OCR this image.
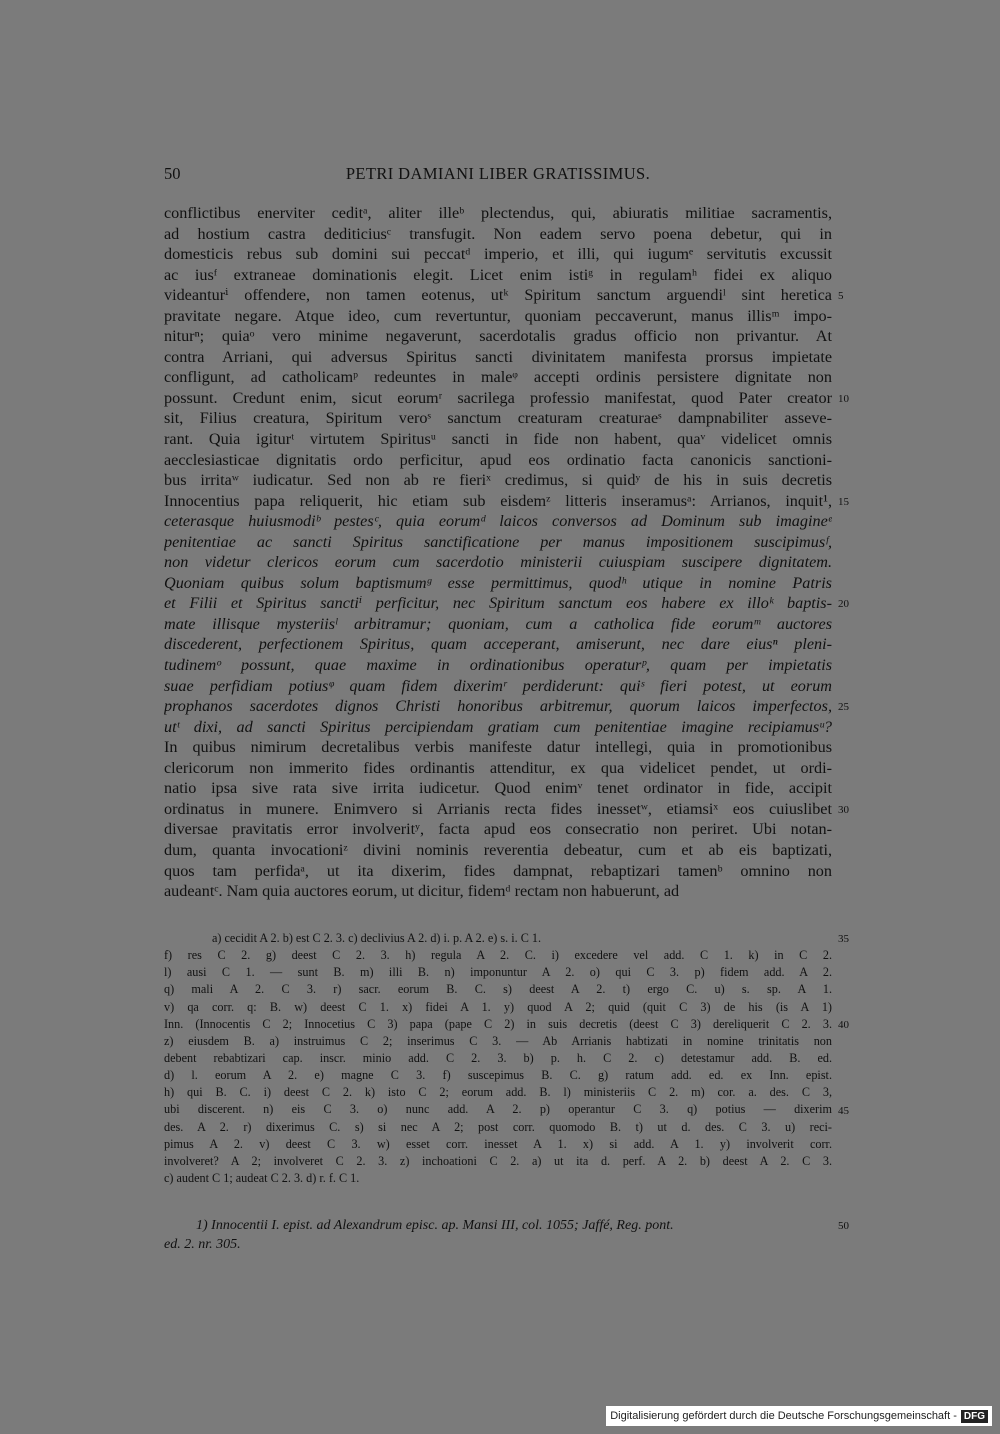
50	PETRI DAMIANI LIBER GRATISSIMUS.
conflictibus enerviter ceditᵃ, aliter illeᵇ plectendus, qui, abiuratis militiae sacramentis,
ad hostium castra dediticiusᶜ transfugit. Non eadem servo poena debetur, qui in
domesticis rebus sub domini sui peccatᵈ imperio, et illi, qui iugumᵉ servitutis excussit
ac iusᶠ extraneae dominationis elegit. Licet enim istiᵍ in regulamʰ fidei ex aliquo
videanturⁱ offendere, non tamen eotenus, utᵏ Spiritum sanctum arguendiˡ sint heretica
pravitate negare. Atque ideo, cum revertuntur, quoniam peccaverunt, manus illisᵐ impo-
niturⁿ; quiaᵒ vero minime negaverunt, sacerdotalis gradus officio non privantur. At
contra Arriani, qui adversus Spiritus sancti divinitatem manifesta prorsus impietate
confligunt, ad catholicamᵖ redeuntes in maleᵠ accepti ordinis persistere dignitate non
possunt. Credunt enim, sicut eorumʳ sacrilega professio manifestat, quod Pater creator
sit, Filius creatura, Spiritum veroˢ sanctum creaturam creaturaeˢ dampnabiliter asseve-
rant. Quia igiturᵗ virtutem Spiritusᵘ sancti in fide non habent, quaᵛ videlicet omnis
aecclesiasticae dignitatis ordo perficitur, apud eos ordinatio facta canonicis sanctioni-
bus irritaʷ iudicatur. Sed non ab re fieriˣ credimus, si quidʸ de his in suis decretis
Innocentius papa reliquerit, hic etiam sub eisdemᶻ litteris inseramusᵃ: Arrianos, inquit¹,
ceterasque huiusmodiᵇ pestesᶜ, quia eorumᵈ laicos conversos ad Dominum sub imagineᵉ
penitentiae ac sancti Spiritus sanctificatione per manus impositionem suscipimusᶠ,
non videtur clericos eorum cum sacerdotio ministerii cuiuspiam suscipere dignitatem.
Quoniam quibus solum baptismumᵍ esse permittimus, quodʰ utique in nomine Patris
et Filii et Spiritus sanctiⁱ perficitur, nec Spiritum sanctum eos habere ex illoᵏ baptis-
mate illisque mysteriisˡ arbitramur; quoniam, cum a catholica fide eorumᵐ auctores
discederent, perfectionem Spiritus, quam acceperant, amiserunt, nec dare eiusⁿ pleni-
tudinemᵒ possunt, quae maxime in ordinationibus operaturᵖ, quam per impietatis
suae perfidiam potiusᵠ quam fidem dixerimʳ perdiderunt: quiˢ fieri potest, ut eorum
prophanos sacerdotes dignos Christi honoribus arbitremur, quorum laicos imperfectos,
utᵗ dixi, ad sancti Spiritus percipiendam gratiam cum penitentiae imagine recipiamusᵘ?
In quibus nimirum decretalibus verbis manifeste datur intellegi, quia in promotionibus
clericorum non immerito fides ordinantis attenditur, ex qua videlicet pendet, ut ordi-
natio ipsa sive rata sive irrita iudicetur. Quod enimᵛ tenet ordinator in fide, accipit
ordinatus in munere. Enimvero si Arrianis recta fides inessetʷ, etiamsiˣ eos cuiuslibet
diversae pravitatis error involveritʸ, facta apud eos consecratio non periret. Ubi notan-
dum, quanta invocationiᶻ divini nominis reverentia debeatur, cum et ab eis baptizati,
quos tam perfidaᵃ, ut ita dixerim, fides dampnat, rebaptizari tamenᵇ omnino non
audeantᶜ. Nam quia auctores eorum, ut dicitur, fidemᵈ rectam non habuerunt, ad
5
10
15
20
25
30
a) cecidit A 2. b) est C 2. 3. c) declivius A 2. d) i. p. A 2. e) s. i. C 1.
f) res C 2. g) deest C 2. 3. h) regula A 2. C. i) excedere vel add. C 1. k) in C 2.
l) ausi C 1. — sunt B. m) illi B. n) imponuntur A 2. o) qui C 3. p) fidem add. A 2.
q) mali A 2. C 3. r) sacr. eorum B. C. s) deest A 2. t) ergo C. u) s. sp. A 1.
v) qa corr. q: B. w) deest C 1. x) fidei A 1. y) quod A 2; quid (quit C 3) de his (is A 1)
Inn. (Innocentis C 2; Innocetius C 3) papa (pape C 2) in suis decretis (deest C 3) dereliquerit C 2. 3.
z) eiusdem B. a) instruimus C 2; inserimus C 3. — Ab Arrianis habtizati in nomine trinitatis non
debent rebabtizari cap. inscr. minio add. C 2. 3. b) p. h. C 2. c) detestamur add. B. ed.
d) l. eorum A 2. e) magne C 3. f) suscepimus B. C. g) ratum add. ed. ex Inn. epist.
h) qui B. C. i) deest C 2. k) isto C 2; eorum add. B. l) ministeriis C 2. m) cor. a. des. C 3,
ubi discerent. n) eis C 3. o) nunc add. A 2. p) operantur C 3. q) potius — dixerim
des. A 2. r) dixerimus C. s) si nec A 2; post corr. quomodo B. t) ut d. des. C 3. u) reci-
pimus A 2. v) deest C 3. w) esset corr. inesset A 1. x) si add. A 1. y) involverit corr.
involveret? A 2; involveret C 2. 3. z) inchoationi C 2. a) ut ita d. perf. A 2. b) deest A 2. C 3.
c) audent C 1; audeat C 2. 3. d) r. f. C 1.
35
40
45
1) Innocentii I. epist. ad Alexandrum episc. ap. Mansi III, col. 1055; Jaffé, Reg. pont.
ed. 2. nr. 305.
50
Digitalisierung gefördert durch die Deutsche Forschungsgemeinschaft - DFG
